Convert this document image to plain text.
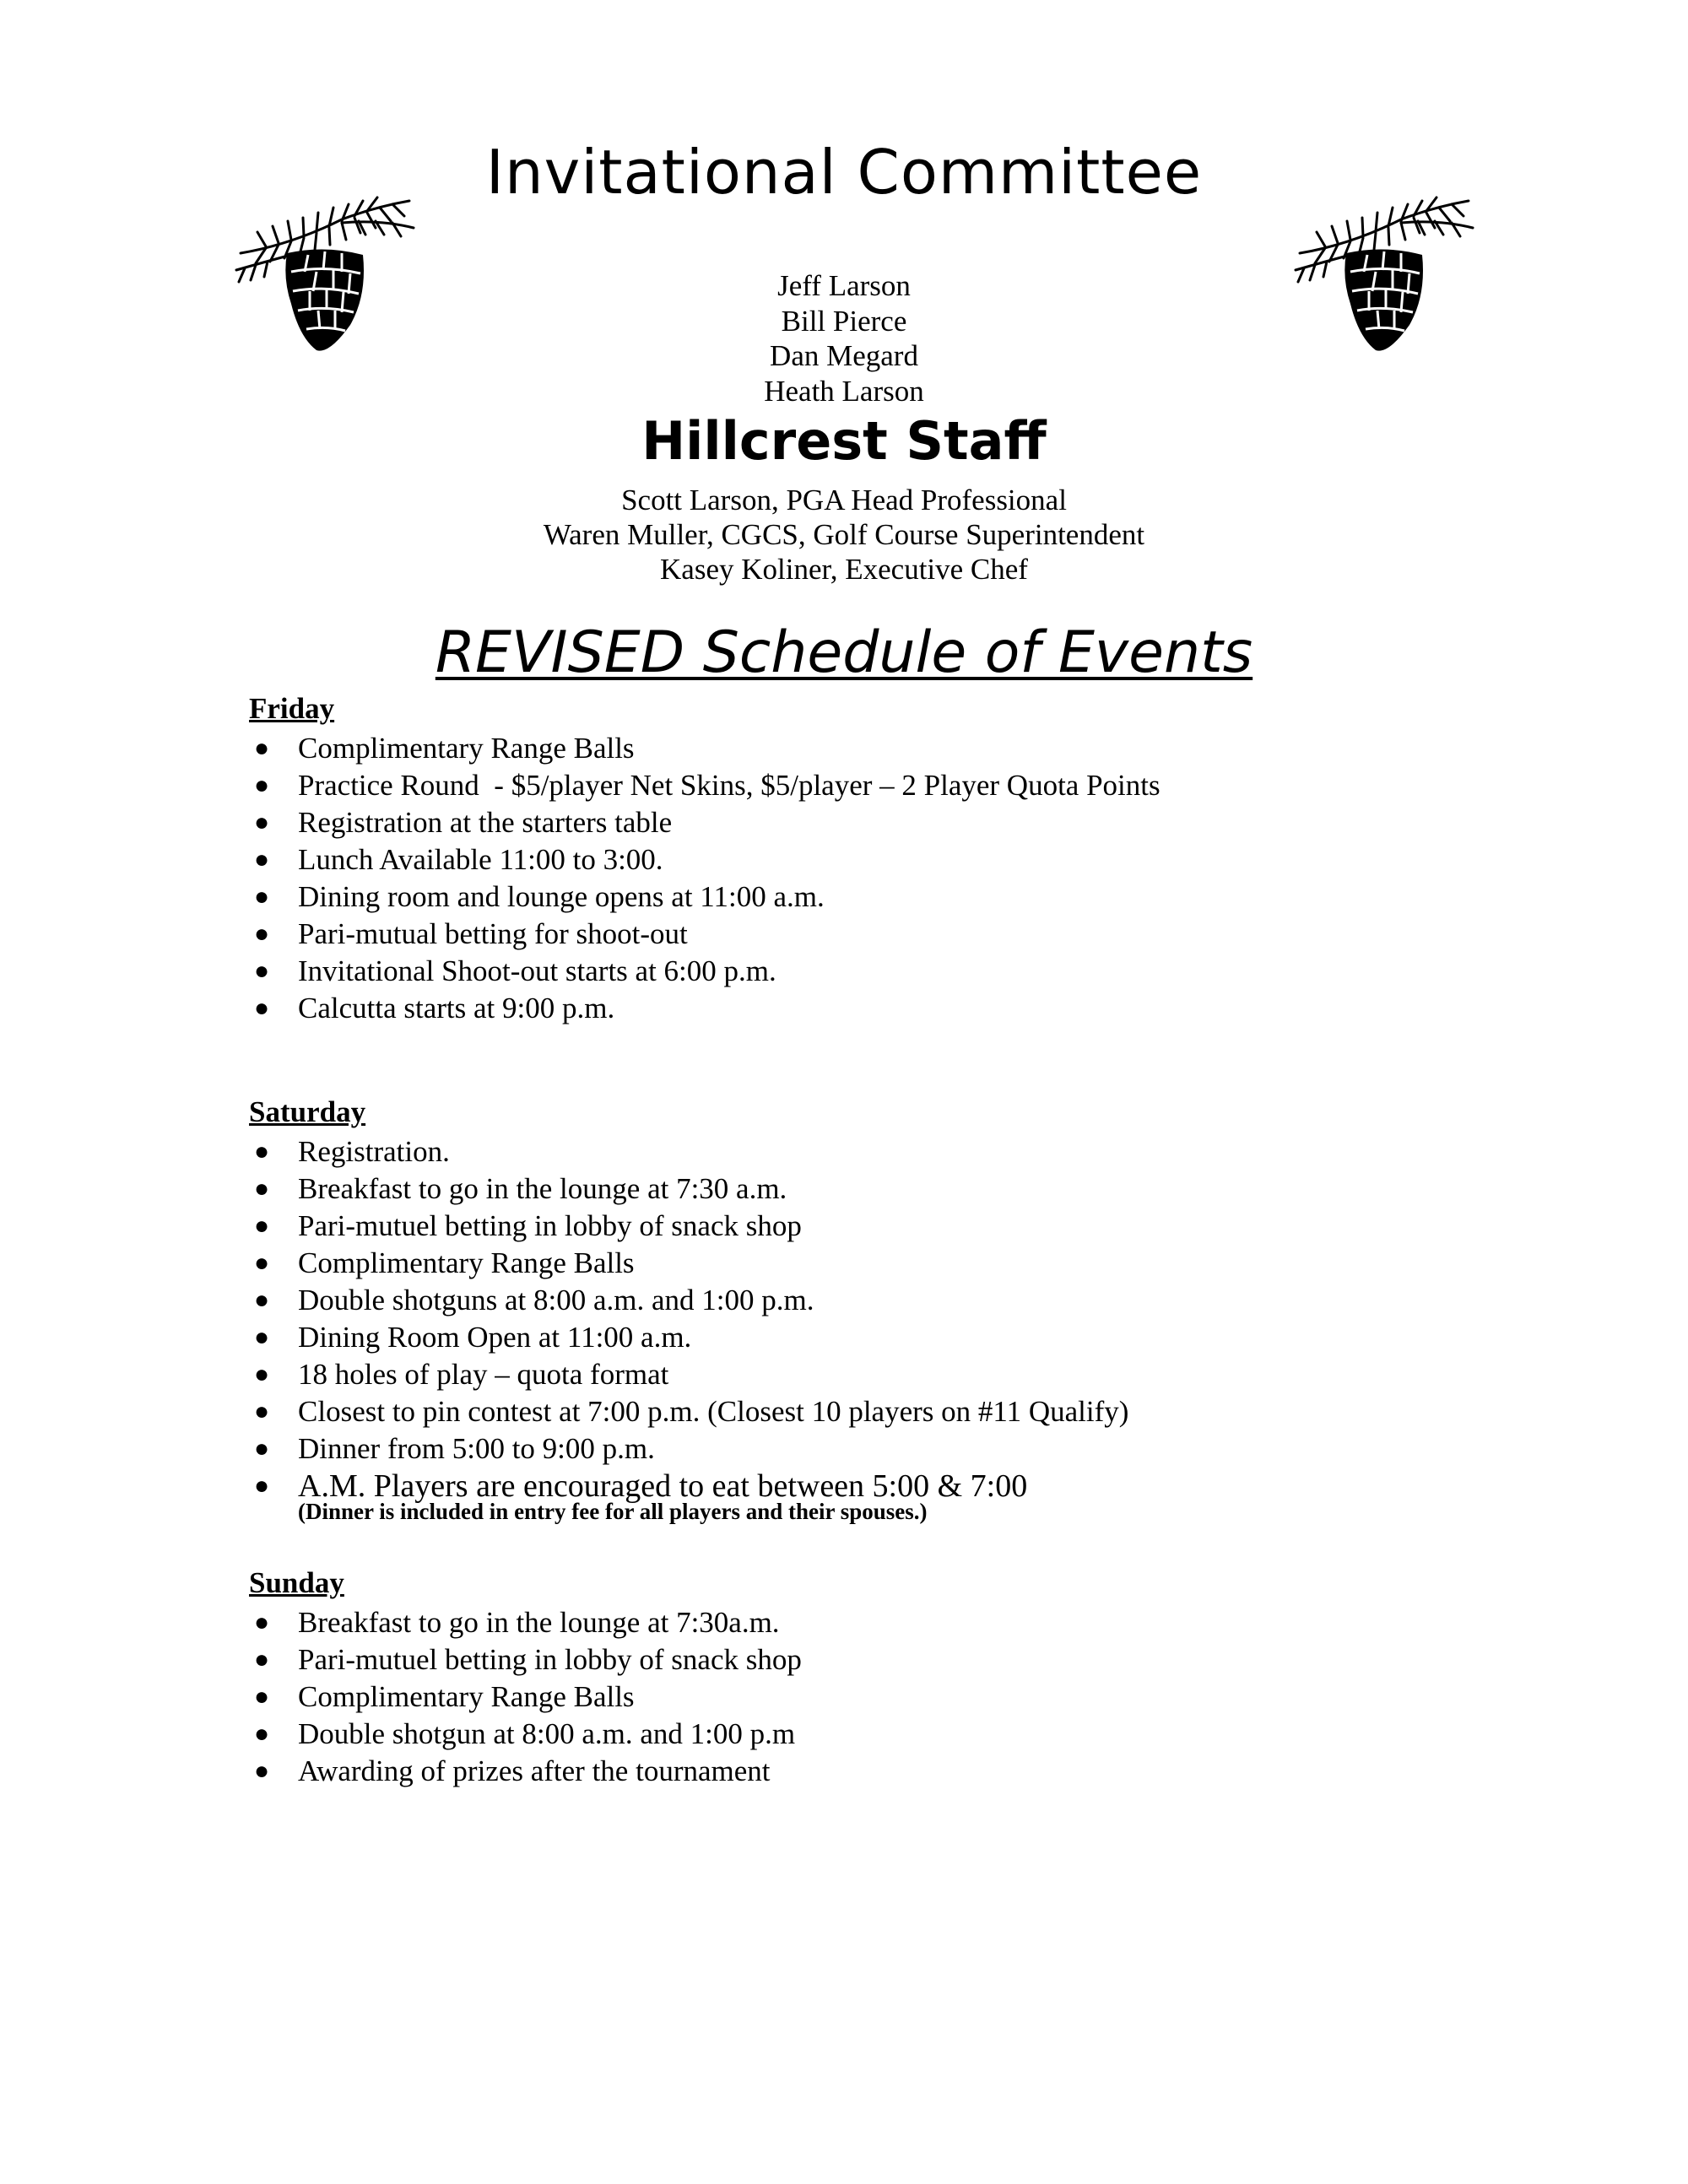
Invitational Committee
Jeff Larson
Bill Pierce
Dan Megard
Heath Larson
Hillcrest Staff
Scott Larson, PGA Head Professional
Waren Muller, CGCS, Golf Course Superintendent
Kasey Koliner, Executive Chef
REVISED Schedule of Events
Friday
● Complimentary Range Balls
● Practice Round  - $5/player Net Skins, $5/player – 2 Player Quota Points
● Registration at the starters table
● Lunch Available 11:00 to 3:00.
● Dining room and lounge opens at 11:00 a.m.
● Pari-mutual betting for shoot-out
● Invitational Shoot-out starts at 6:00 p.m.
● Calcutta starts at 9:00 p.m.
Saturday
● Registration.
● Breakfast to go in the lounge at 7:30 a.m.
● Pari-mutuel betting in lobby of snack shop
● Complimentary Range Balls
● Double shotguns at 8:00 a.m. and 1:00 p.m.
● Dining Room Open at 11:00 a.m.
● 18 holes of play – quota format
● Closest to pin contest at 7:00 p.m. (Closest 10 players on #11 Qualify)
● Dinner from 5:00 to 9:00 p.m.
● A.M. Players are encouraged to eat between 5:00 & 7:00
(Dinner is included in entry fee for all players and their spouses.)
Sunday
● Breakfast to go in the lounge at 7:30a.m.
● Pari-mutuel betting in lobby of snack shop
● Complimentary Range Balls
● Double shotgun at 8:00 a.m. and 1:00 p.m
● Awarding of prizes after the tournament
